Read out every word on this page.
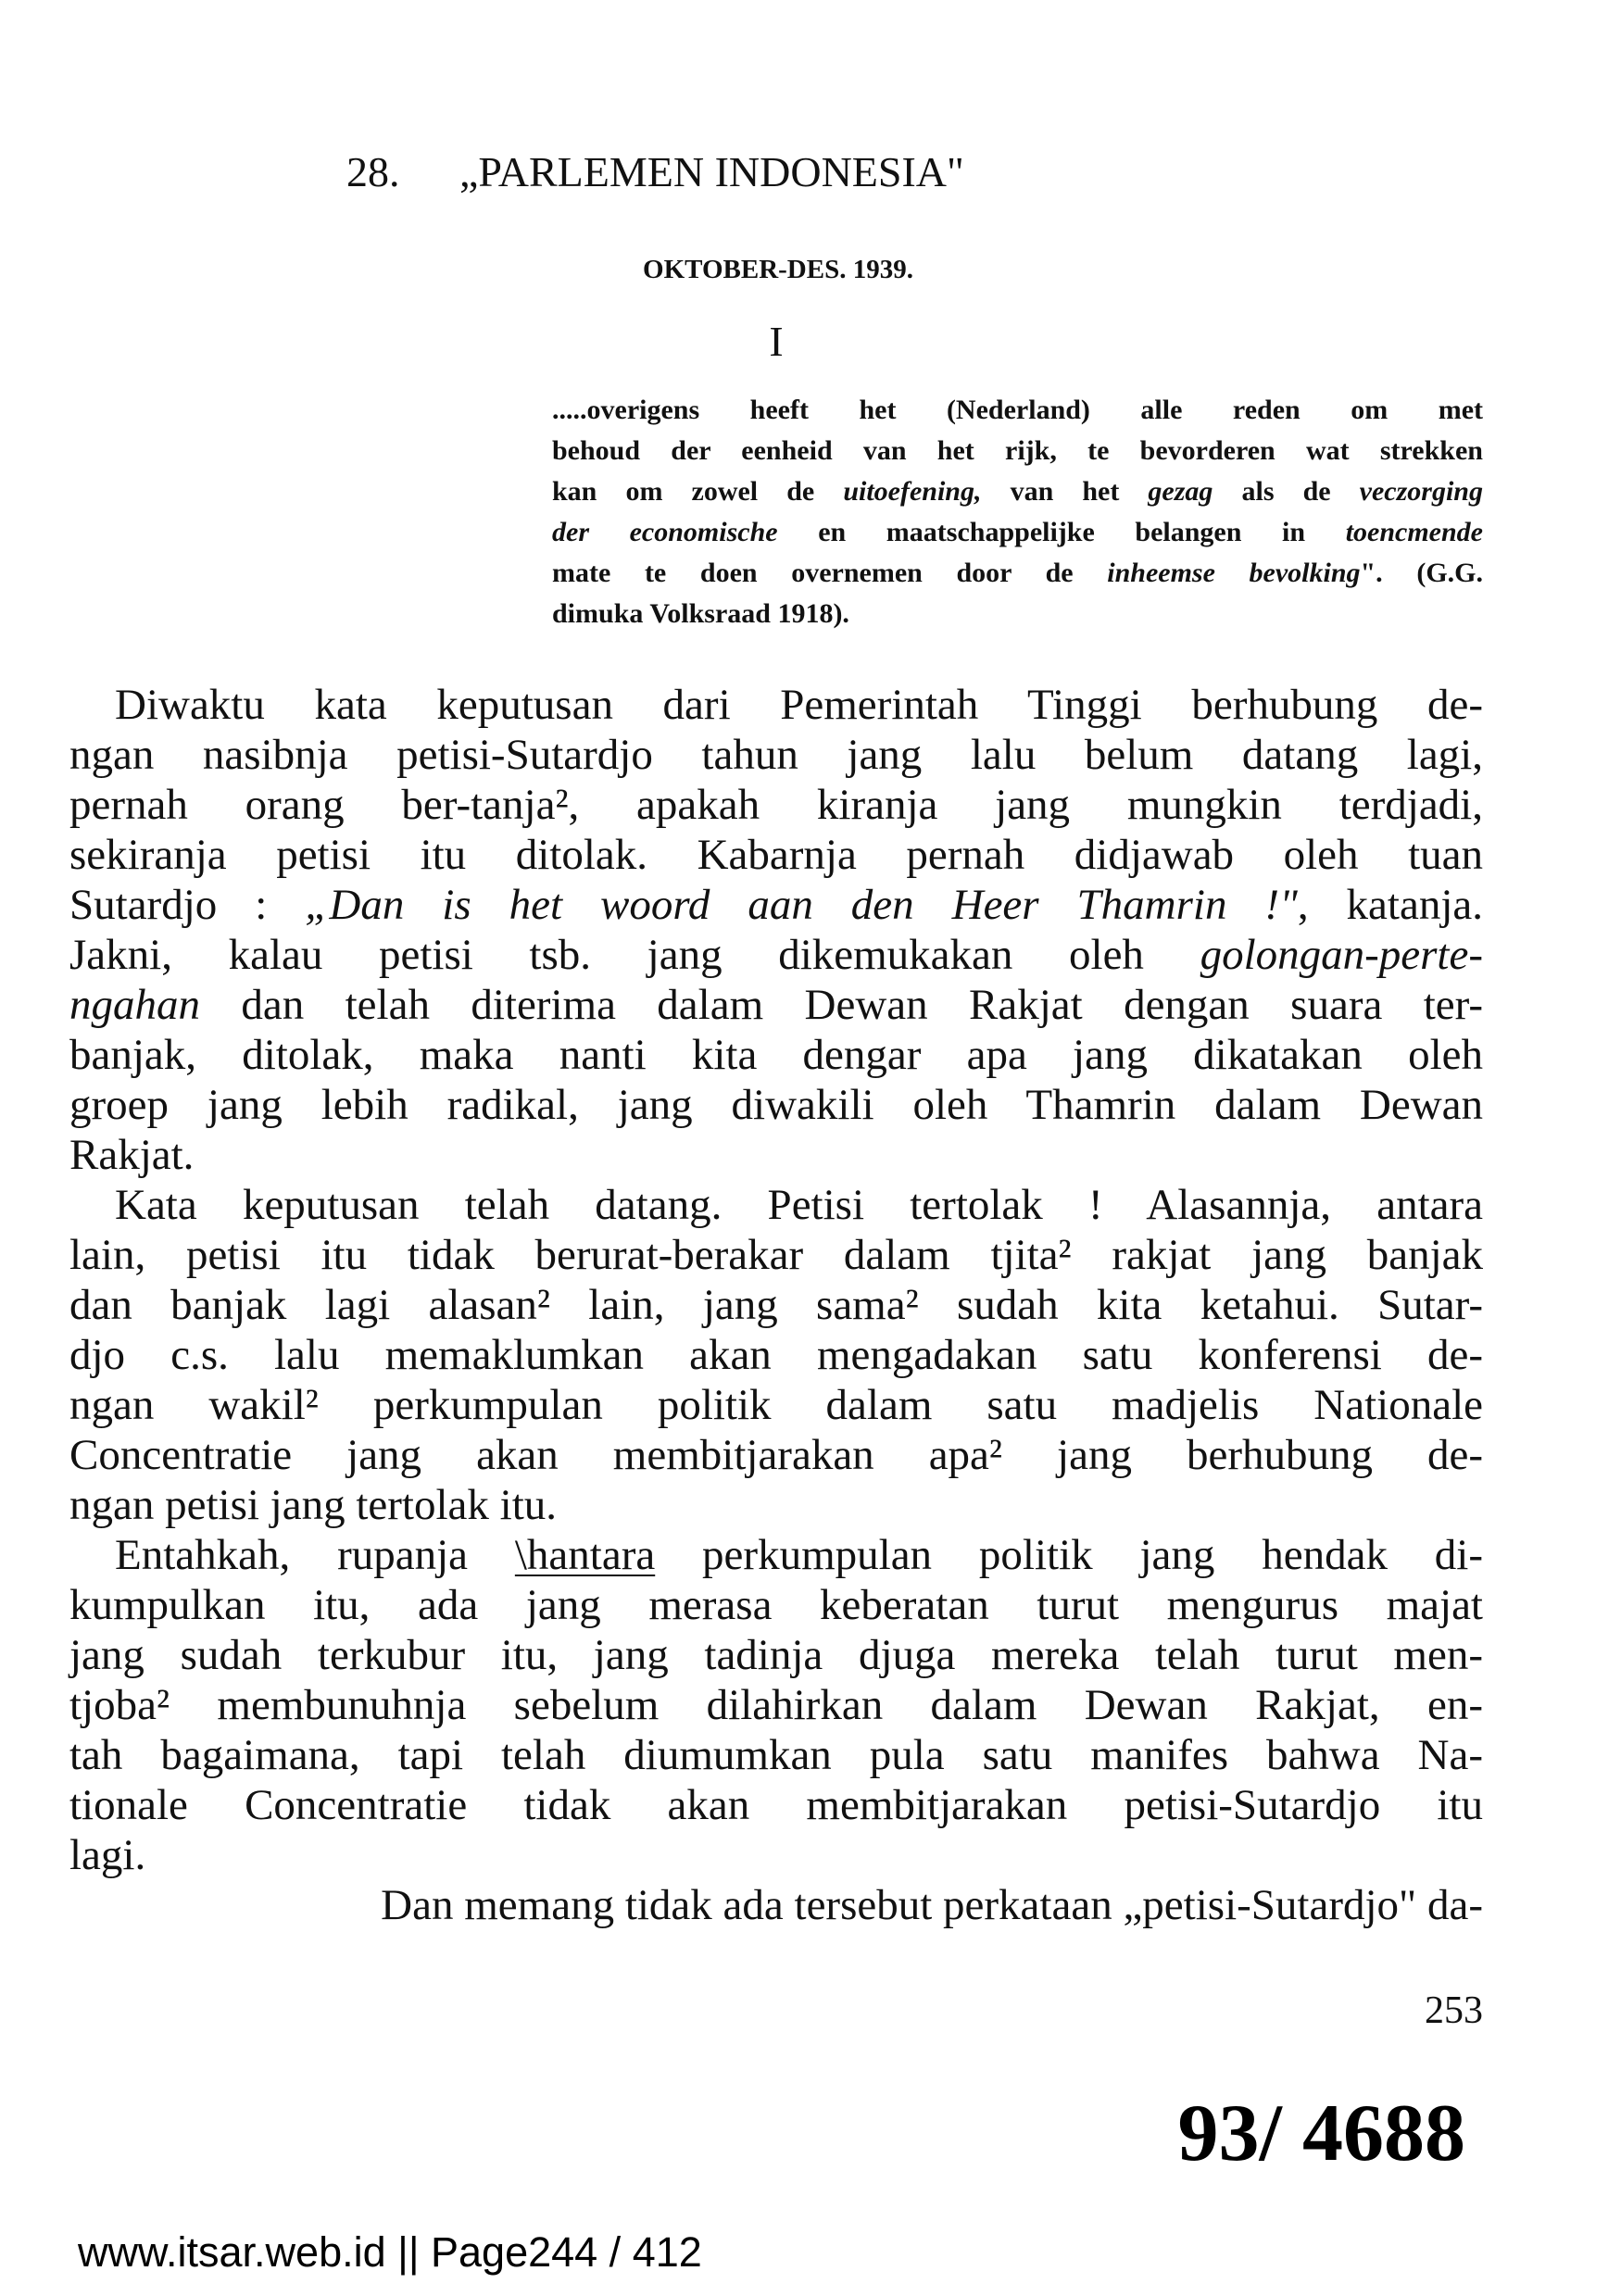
28. „PARLEMEN INDONESIA"
OKTOBER-DES. 1939.
I
.....overigens heeft het (Nederland) alle reden om met
behoud der eenheid van het rijk, te bevorderen wat strekken
kan om zowel de uitoefening, van het gezag als de veczorging
der economische en maatschappelijke belangen in toencmende
mate te doen overnemen door de inheemse bevolking". (G.G.
dimuka Volksraad 1918).
Diwaktu kata keputusan dari Pemerintah Tinggi berhubung de-
ngan nasibnja petisi-Sutardjo tahun jang lalu belum datang lagi,
pernah orang ber-tanja², apakah kiranja jang mungkin terdjadi,
sekiranja petisi itu ditolak. Kabarnja pernah didjawab oleh tuan
Sutardjo : „Dan is het woord aan den Heer Thamrin !", katanja.
Jakni, kalau petisi tsb. jang dikemukakan oleh golongan-perte-
ngahan dan telah diterima dalam Dewan Rakjat dengan suara ter-
banjak, ditolak, maka nanti kita dengar apa jang dikatakan oleh
groep jang lebih radikal, jang diwakili oleh Thamrin dalam Dewan
Rakjat.
Kata keputusan telah datang. Petisi tertolak ! Alasannja, antara
lain, petisi itu tidak berurat-berakar dalam tjita² rakjat jang banjak
dan banjak lagi alasan² lain, jang sama² sudah kita ketahui. Sutar-
djo c.s. lalu memaklumkan akan mengadakan satu konferensi de-
ngan wakil² perkumpulan politik dalam satu madjelis Nationale
Concentratie jang akan membitjarakan apa² jang berhubung de-
ngan petisi jang tertolak itu.
Entahkah, rupanja \hantara perkumpulan politik jang hendak di-
kumpulkan itu, ada jang merasa keberatan turut mengurus majat
jang sudah terkubur itu, jang tadinja djuga mereka telah turut men-
tjoba² membunuhnja sebelum dilahirkan dalam Dewan Rakjat, en-
tah bagaimana, tapi telah diumumkan pula satu manifes bahwa Na-
tionale Concentratie tidak akan membitjarakan petisi-Sutardjo itu
lagi.
Dan memang tidak ada tersebut perkataan „petisi-Sutardjo" da-
253
93/ 4688
www.itsar.web.id || Page244 / 412
